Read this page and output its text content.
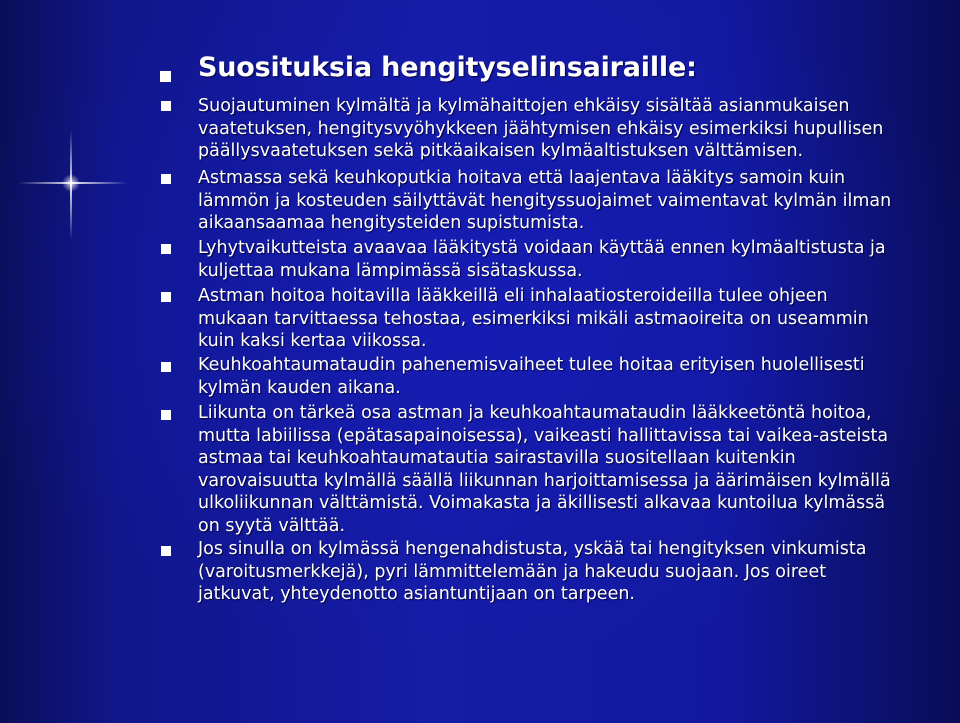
Suosituksia hengityselinsairaille:
Suojautuminen kylmältä ja kylmähaittojen ehkäisy sisältää asianmukaisen
vaatetuksen, hengitysvyöhykkeen jäähtymisen ehkäisy esimerkiksi hupullisen
päällysvaatetuksen sekä pitkäaikaisen kylmäaltistuksen välttämisen.
Astmassa sekä keuhkoputkia hoitava että laajentava lääkitys samoin kuin
lämmön ja kosteuden säilyttävät hengityssuojaimet vaimentavat kylmän ilman
aikaansaamaa hengitysteiden supistumista.
Lyhytvaikutteista avaavaa lääkitystä voidaan käyttää ennen kylmäaltistusta ja
kuljettaa mukana lämpimässä sisätaskussa.
Astman hoitoa hoitavilla lääkkeillä eli inhalaatiosteroideilla tulee ohjeen
mukaan tarvittaessa tehostaa, esimerkiksi mikäli astmaoireita on useammin
kuin kaksi kertaa viikossa.
Keuhkoahtaumataudin pahenemisvaiheet tulee hoitaa erityisen huolellisesti
kylmän kauden aikana.
Liikunta on tärkeä osa astman ja keuhkoahtaumataudin lääkkeetöntä hoitoa,
mutta labiilissa (epätasapainoisessa), vaikeasti hallittavissa tai vaikea-asteista
astmaa tai keuhkoahtaumatautia sairastavilla suositellaan kuitenkin
varovaisuutta kylmällä säällä liikunnan harjoittamisessa ja äärimäisen kylmällä
ulkoliikunnan välttämistä. Voimakasta ja äkillisesti alkavaa kuntoilua kylmässä
on syytä välttää.
Jos sinulla on kylmässä hengenahdistusta, yskää tai hengityksen vinkumista
(varoitusmerkkejä), pyri lämmittelemään ja hakeudu suojaan. Jos oireet
jatkuvat, yhteydenotto asiantuntijaan on tarpeen.
